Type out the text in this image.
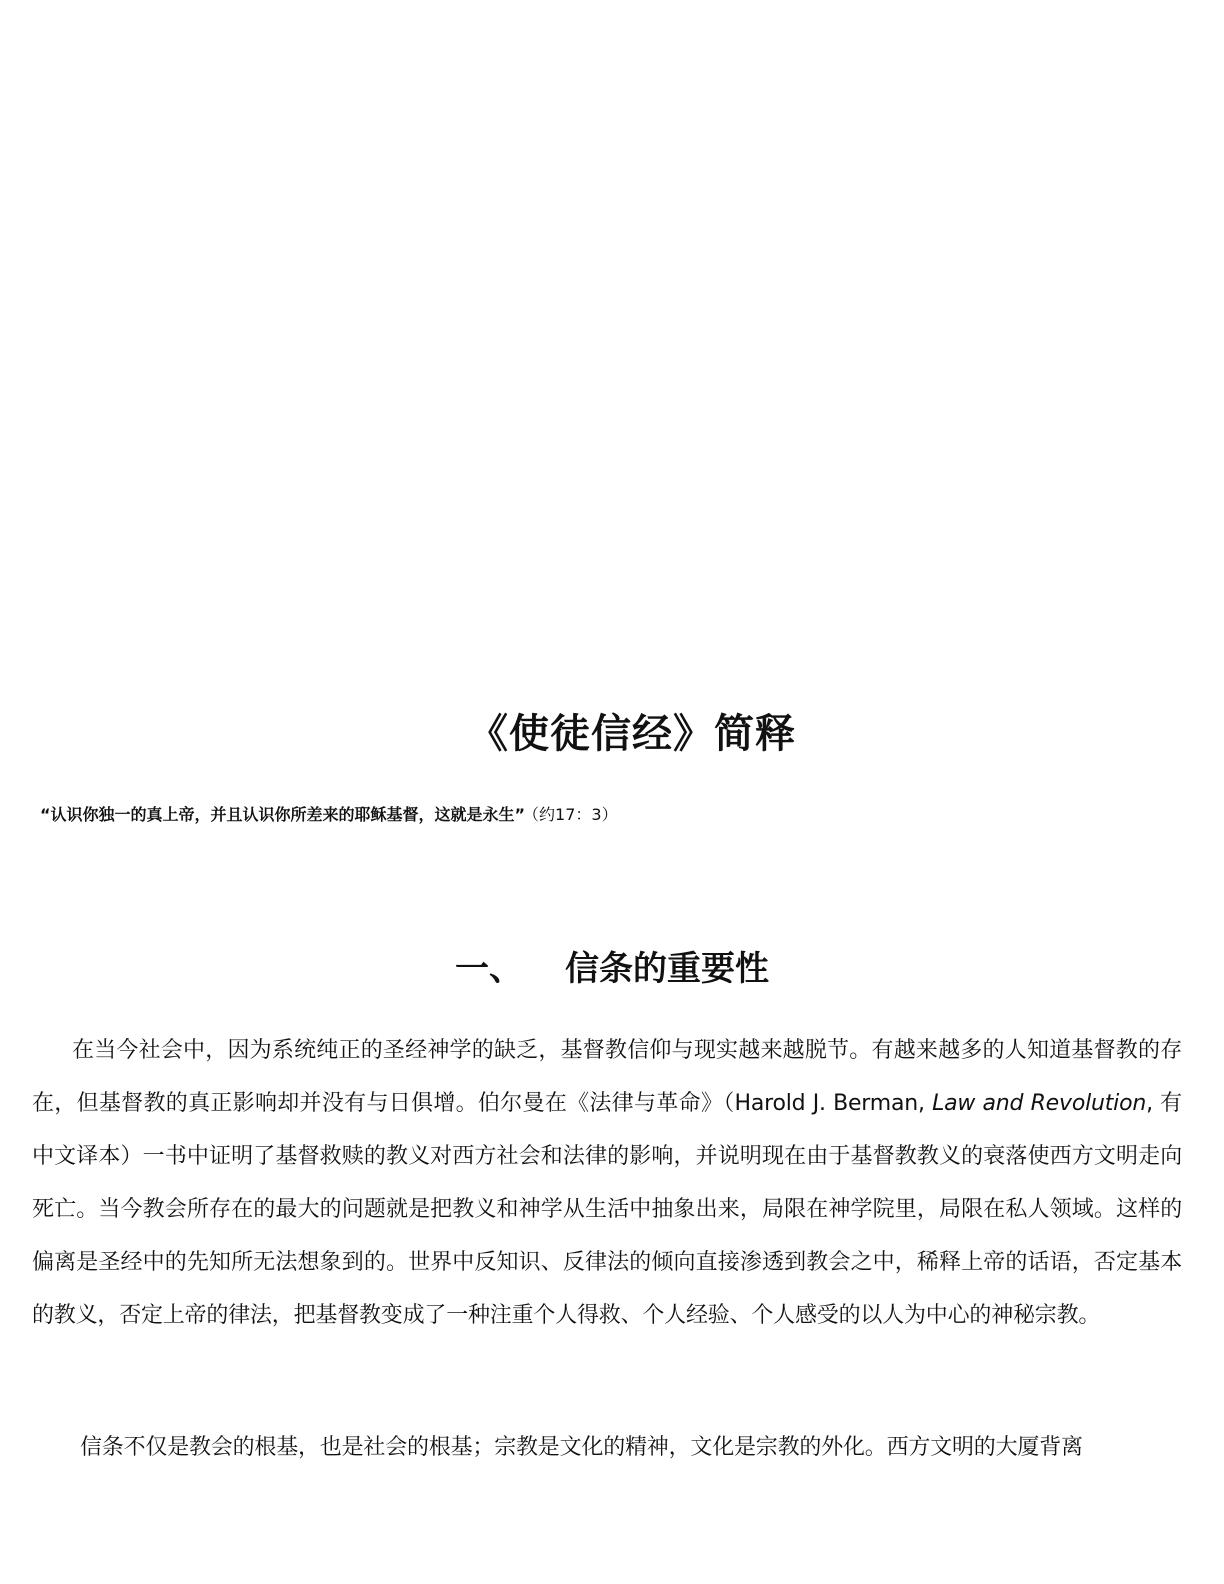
《使徒信经》简释
“认识你独一的真上帝，并且认识你所差来的耶稣基督，这就是永生” （约17：3）
一、 信条的重要性

在当今社会中，因为系统纯正的圣经神学的缺乏，基督教信仰与现实越来越脱节。有越来越多的人知道基督教的存在，但基督教的真正影响却并没有与日俱增。伯尔曼在《法律与革命》（Harold J. Berman, Law and Revolution, 有中文译本）一书中证明了基督救赎的教义对西方社会和法律的影响，并说明现在由于基督教教义的衰落使西方文明走向死亡。当今教会所存在的最大的问题就是把教义和神学从生活中抽象出来，局限在神学院里，局限在私人领域。这样的偏离是圣经中的先知所无法想象到的。世界中反知识、反律法的倾向直接渗透到教会之中，稀释上帝的话语，否定基本的教义，否定上帝的律法，把基督教变成了一种注重个人得救、个人经验、个人感受的以人为中心的神秘宗教。

信条不仅是教会的根基，也是社会的根基；宗教是文化的精神，文化是宗教的外化。西方文明的大厦背离
